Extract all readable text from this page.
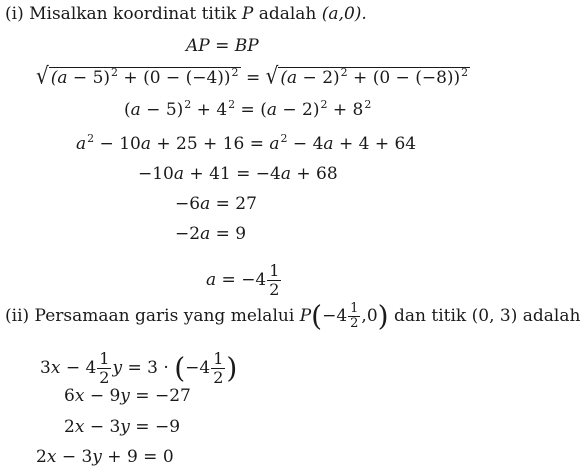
(i) Misalkan koordinat titik P adalah (a,0).
AP = BP
√ $(a - 5)^2 + (0 - (-4))^2$ = √ $(a - 2)^2 + (0 - (-8))^2$
$(a - 5)^2 + 4^2 = (a - 2)^2 + 8^2$
$a^2 - 10a + 25 + 16 = a^2 - 4a + 4 + 64$
−10a + 41 = −4a + 68
−6a = 27
−2a = 9
$a = -4 \frac{1}{2}$
(ii) Persamaan garis yang melalui $P(-4 \frac{1}{2} ,0)$ dan titik (0, 3) adalah
$3x - 4 \frac{1}{2}$ $y = 3 \cdot (-4 \frac{1}{2}$ )
6x − 9y = −27
2x − 3y = −9
2x − 3y + 9 = 0
